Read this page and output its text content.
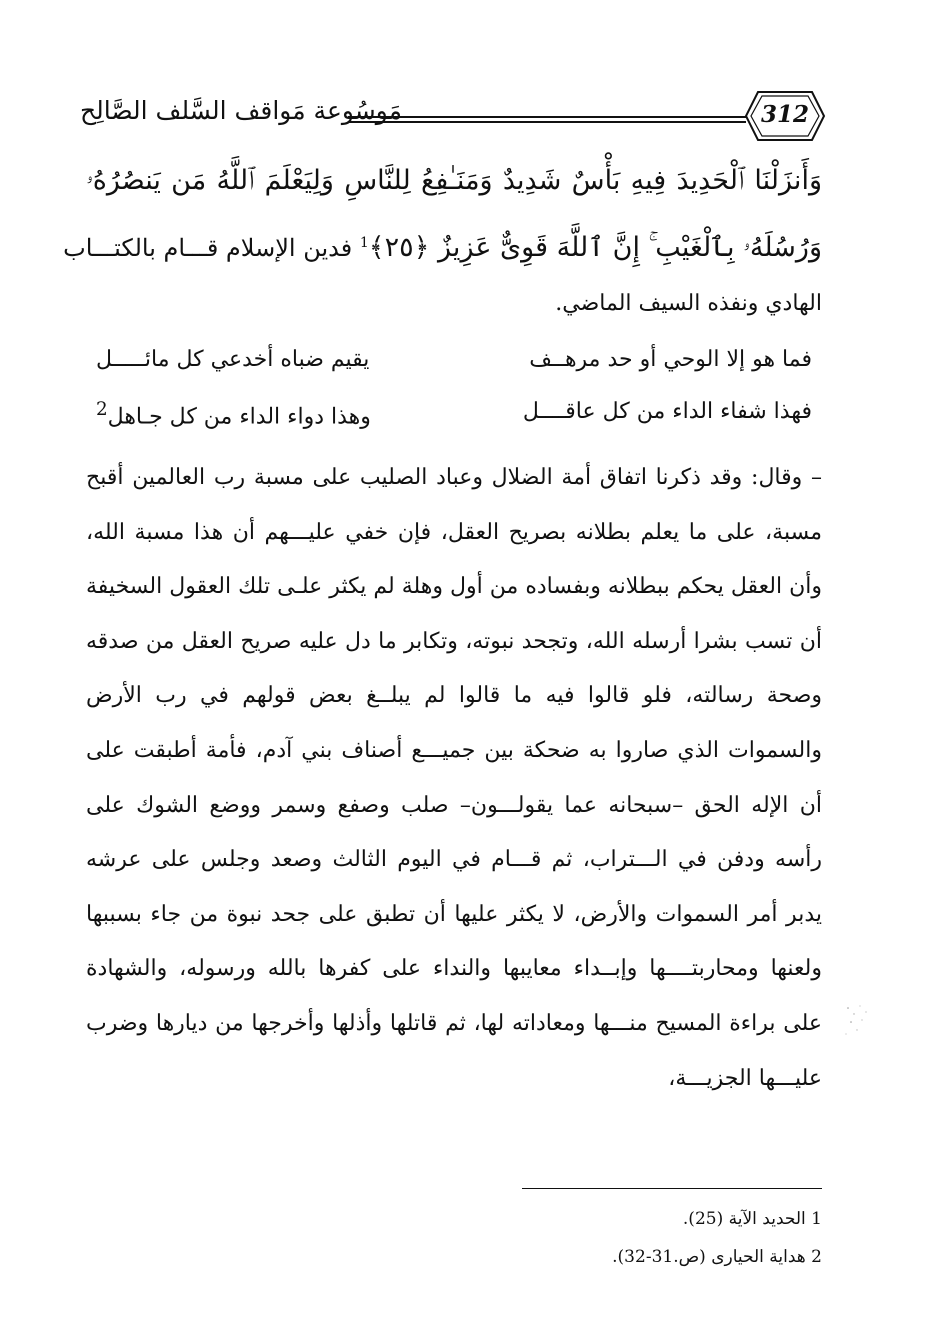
مَوسُوعة مَواقف السَّلف الصَّالِح	312
وَأَنزَلْنَا ٱلْحَدِيدَ فِيهِ بَأْسٌ شَدِيدٌ وَمَنَـٰفِعُ لِلنَّاسِ وَلِيَعْلَمَ ٱللَّهُ مَن يَنصُرُهُۥ
وَرُسُلَهُۥ بِٱلْغَيْبِ ۚ إِنَّ ٱللَّهَ قَوِىٌّ عَزِيزٌ ﴿٢٥﴾$^1$ فدين الإسلام قـــام بالكتـــاب
الهادي ونفذه السيف الماضي.
فما هو إلا الوحي أو حد مرهــف
يقيم ضباه أخدعي كل مائـــــل
فهذا شفاء الداء من كل عاقــــل
وهذا دواء الداء من كل جـاهل$^2$
– وقال: وقد ذكرنا اتفاق أمة الضلال وعباد الصليب على مسبة رب العالمين أقبح مسبة، على ما يعلم بطلانه بصريح العقل، فإن خفي عليـــهم أن هذا مسبة الله، وأن العقل يحكم ببطلانه وبفساده من أول وهلة لم يكثر علـى تلك العقول السخيفة أن تسب بشرا أرسله الله، وتجحد نبوته، وتكابر ما دل عليه صريح العقل من صدقه وصحة رسالته، فلو قالوا فيه ما قالوا لم يبلــغ بعض قولهم في رب الأرض والسموات الذي صاروا به ضحكة بين جميـــع أصناف بني آدم، فأمة أطبقت على أن الإله الحق –سبحانه عما يقولـــون– صلب وصفع وسمر ووضع الشوك على رأسه ودفن في الـــتراب، ثم قـــام في اليوم الثالث وصعد وجلس على عرشه يدبر أمر السموات والأرض، لا يكثر عليها أن تطبق على جحد نبوة من جاء بسببها ولعنها ومحاربتــــها وإبــداء معايبها والنداء على كفرها بالله ورسوله، والشهادة على براءة المسيح منـــها ومعاداته لها، ثم قاتلها وأذلها وأخرجها من ديارها وضرب عليـــها الجزيـــة،
1 الحديد الآية (25).
2 هداية الحيارى (ص.31-32).
